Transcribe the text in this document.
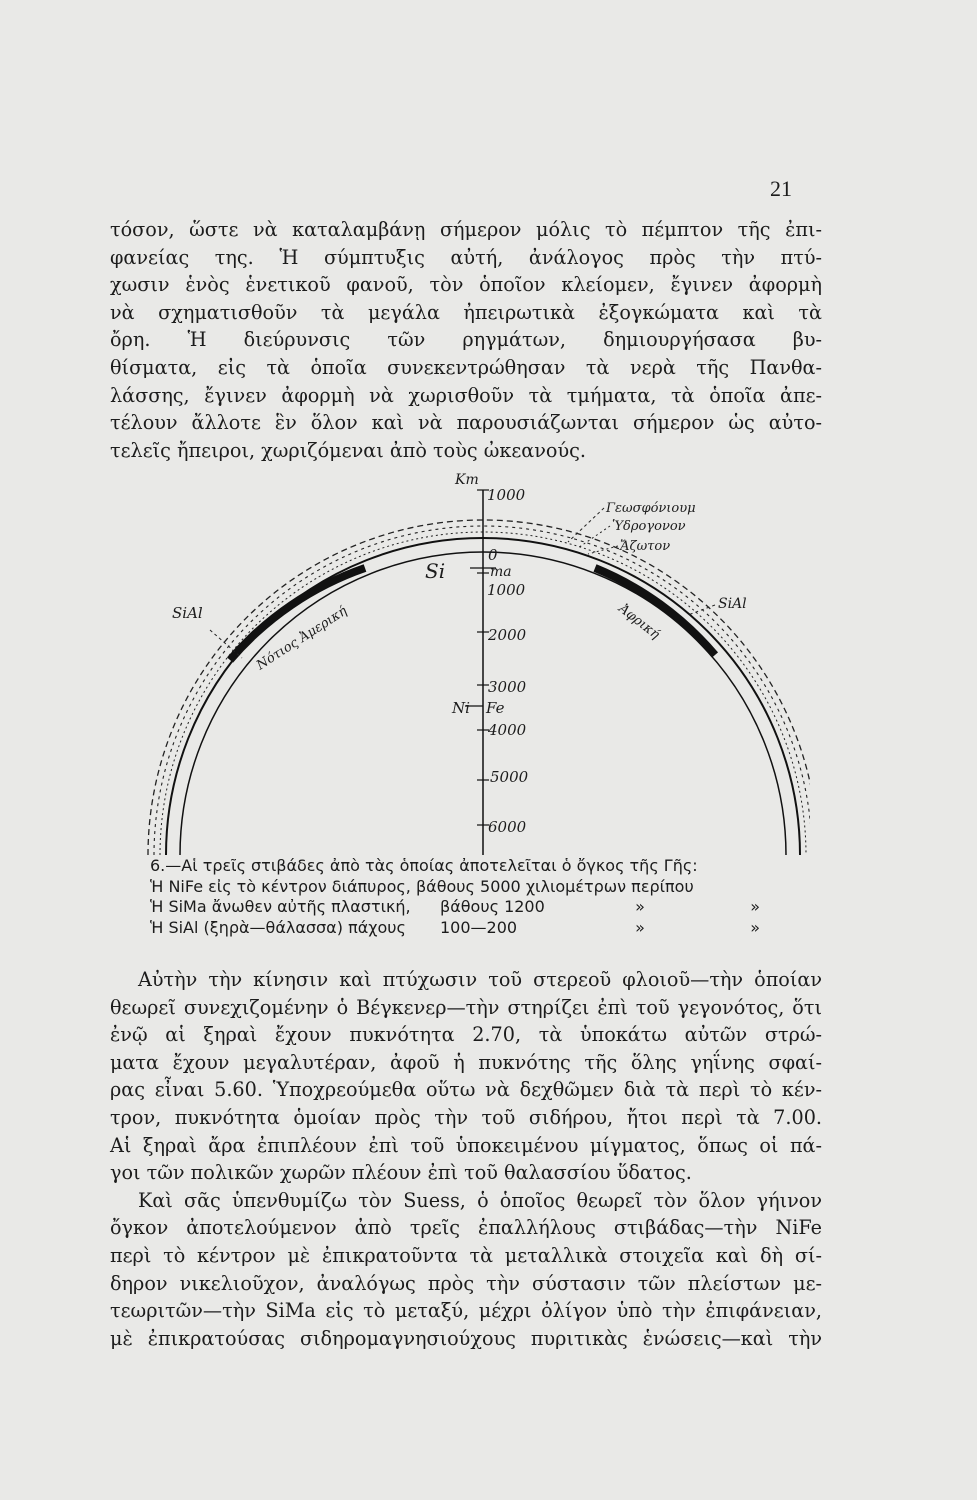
21
τόσον, ὥστε νὰ καταλαμβάνῃ σήμερον μόλις τὸ πέμπτον τῆς ἐπι-
φανείας της. Ἡ σύμπτυξις αὐτή, ἀνάλογος πρὸς τὴν πτύ-
χωσιν ἑνὸς ἑνετικοῦ φανοῦ, τὸν ὁποῖον κλείομεν, ἔγινεν ἀφορμὴ
νὰ σχηματισθοῦν τὰ μεγάλα ἠπειρωτικὰ ἐξογκώματα καὶ τὰ
ὄρη. Ἡ διεύρυνσις τῶν ρηγμάτων, δημιουργήσασα βυ-
θίσματα, εἰς τὰ ὁποῖα συνεκεντρώθησαν τὰ νερὰ τῆς Πανθα-
λάσσης, ἔγινεν ἀφορμὴ νὰ χωρισθοῦν τὰ τμήματα, τὰ ὁποῖα ἀπε-
τέλουν ἄλλοτε ἓν ὅλον καὶ νὰ παρουσιάζωνται σήμερον ὡς αὐτο-
τελεῖς ἤπειροι, χωριζόμεναι ἀπὸ τοὺς ὠκεανούς.
Km
1000
0
ma
1000
2000
3000
Fe
4000
5000
6000
Si
Ni
SiAl	SiAl
Νότιος Ἀμερική	Ἀφρική
Γεωσφόνιουμ
Ὑδρογονον
Ἄζωτον
6.—Αἱ τρεῖς στιβάδες ἀπὸ τὰς ὁποίας ἀποτελεῖται ὁ ὄγκος τῆς Γῆς:
Ἡ NiFe εἰς τὸ κέντρον διάπυρος, βάθους 5000 χιλιομέτρων περίπου
Ἡ SiMa ἄνωθεν αὐτῆς πλαστική,	βάθους 1200	»	»
Ἡ SiAl (ξηρὰ—θάλασσα) πάχους	100—200	»	»
Αὐτὴν τὴν κίνησιν καὶ πτύχωσιν τοῦ στερεοῦ φλοιοῦ—τὴν ὁποίαν
θεωρεῖ συνεχιζομένην ὁ Βέγκενερ—τὴν στηρίζει ἐπὶ τοῦ γεγονότος, ὅτι
ἐνῷ αἱ ξηραὶ ἔχουν πυκνότητα 2.70, τὰ ὑποκάτω αὐτῶν στρώ-
ματα ἔχουν μεγαλυτέραν, ἀφοῦ ἡ πυκνότης τῆς ὅλης γηΐνης σφαί-
ρας εἶναι 5.60. Ὑποχρεούμεθα οὕτω νὰ δεχθῶμεν διὰ τὰ περὶ τὸ κέν-
τρον, πυκνότητα ὁμοίαν πρὸς τὴν τοῦ σιδήρου, ἤτοι περὶ τὰ 7.00.
Αἱ ξηραὶ ἄρα ἐπιπλέουν ἐπὶ τοῦ ὑποκειμένου μίγματος, ὅπως οἱ πά-
γοι τῶν πολικῶν χωρῶν πλέουν ἐπὶ τοῦ θαλασσίου ὕδατος.
Καὶ σᾶς ὑπενθυμίζω τὸν Suess, ὁ ὁποῖος θεωρεῖ τὸν ὅλον γήινον
ὄγκον ἀποτελούμενον ἀπὸ τρεῖς ἐπαλλήλους στιβάδας—τὴν NiFe
περὶ τὸ κέντρον μὲ ἐπικρατοῦντα τὰ μεταλλικὰ στοιχεῖα καὶ δὴ σί-
δηρον νικελιοῦχον, ἀναλόγως πρὸς τὴν σύστασιν τῶν πλείστων με-
τεωριτῶν—τὴν SiMa εἰς τὸ μεταξύ, μέχρι ὀλίγον ὑπὸ τὴν ἐπιφάνειαν,
μὲ ἐπικρατούσας σιδηρομαγνησιούχους πυριτικὰς ἑνώσεις—καὶ τὴν
